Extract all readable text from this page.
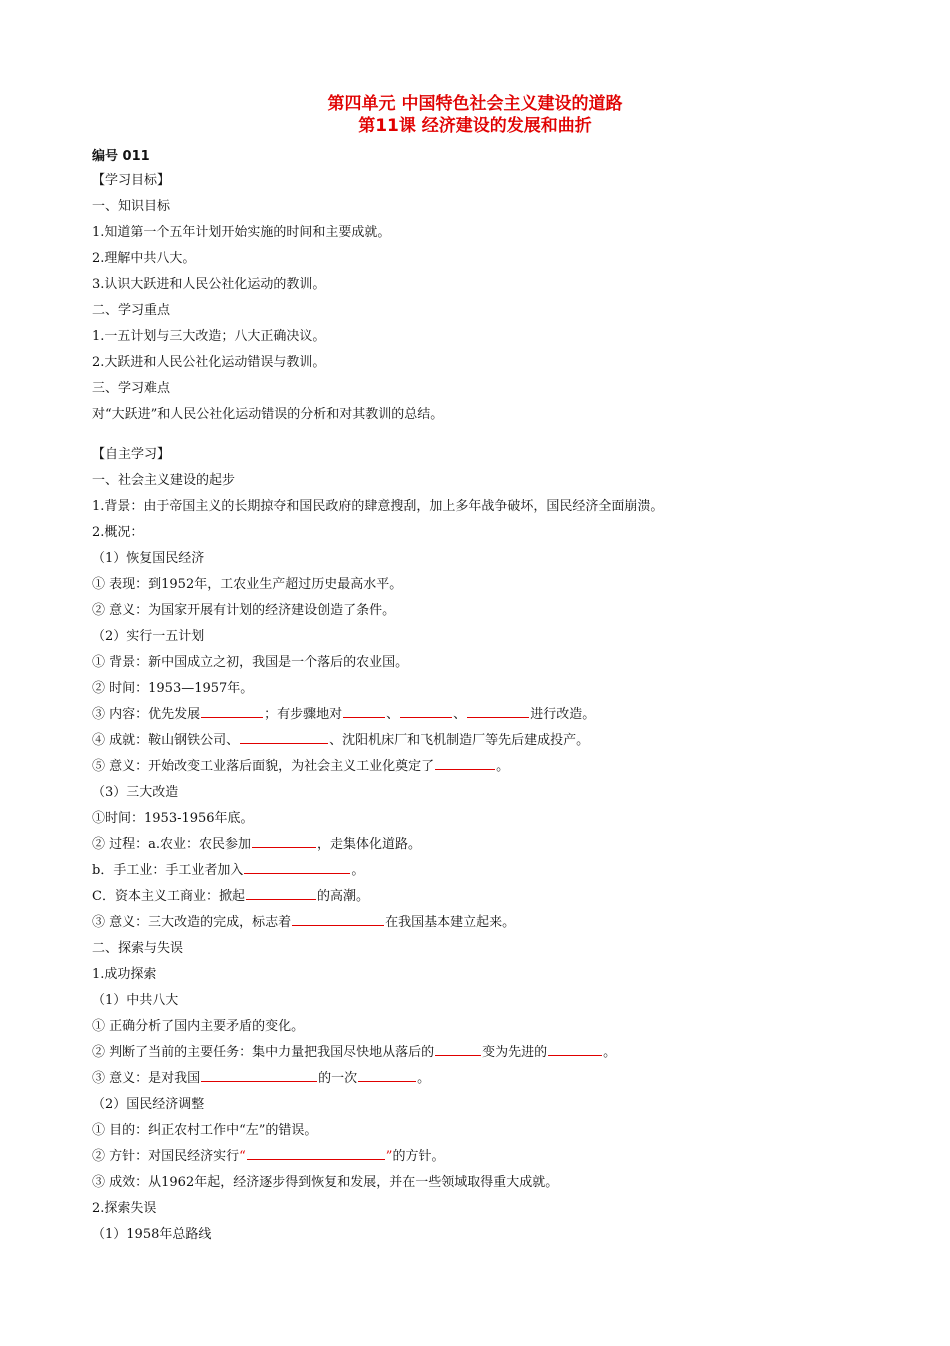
第四单元 中国特色社会主义建设的道路
第11课 经济建设的发展和曲折
编号 011
【学习目标】
一、知识目标
1.知道第一个五年计划开始实施的时间和主要成就。
2.理解中共八大。
3.认识大跃进和人民公社化运动的教训。
二、学习重点
1.一五计划与三大改造；八大正确决议。
2.大跃进和人民公社化运动错误与教训。
三、学习难点
对“大跃进”和人民公社化运动错误的分析和对其教训的总结。
【自主学习】
一、社会主义建设的起步
1.背景：由于帝国主义的长期掠夺和国民政府的肆意搜刮，加上多年战争破坏，国民经济全面崩溃。
2.概况：
（1）恢复国民经济
① 表现：到1952年，工农业生产超过历史最高水平。
② 意义：为国家开展有计划的经济建设创造了条件。
（2）实行一五计划
① 背景：新中国成立之初，我国是一个落后的农业国。
② 时间：1953—1957年。
③ 内容：优先发展	；有步骤地对	、	、	进行改造。
④ 成就：鞍山钢铁公司、	、沈阳机床厂和飞机制造厂等先后建成投产。
⑤ 意义：开始改变工业落后面貌，为社会主义工业化奠定了	。
（3）三大改造
①时间：1953-1956年底。
② 过程：a.农业：农民参加	，走集体化道路。
b．手工业：手工业者加入	。
C．资本主义工商业：掀起	的高潮。
③ 意义：三大改造的完成，标志着	在我国基本建立起来。
二、探索与失误
1.成功探索
（1）中共八大
① 正确分析了国内主要矛盾的变化。
② 判断了当前的主要任务：集中力量把我国尽快地从落后的	变为先进的	。
③ 意义：是对我国	的一次	。
（2）国民经济调整
① 目的：纠正农村工作中“左”的错误。
② 方针：对国民经济实行“	”的方针。
③ 成效：从1962年起，经济逐步得到恢复和发展，并在一些领域取得重大成就。
2.探索失误
（1）1958年总路线
